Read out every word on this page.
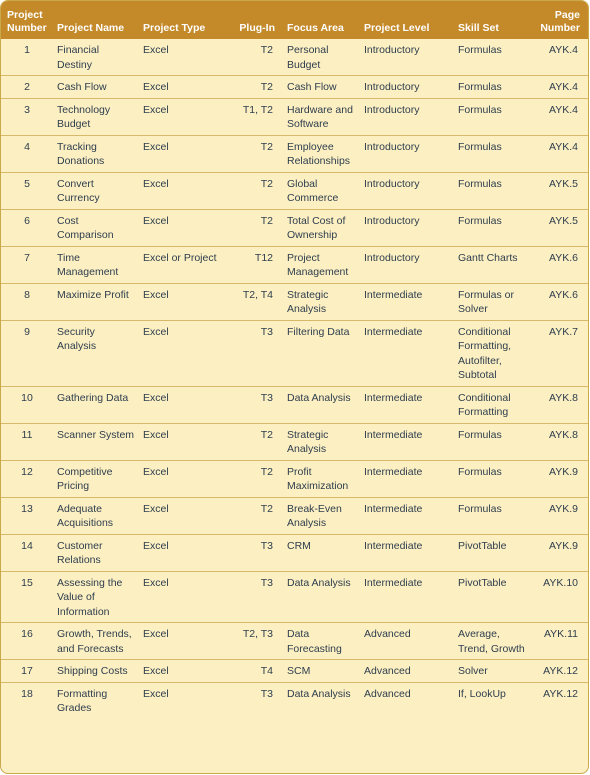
Project Number	Project Name	Project Type	Plug-In	Focus Area	Project Level	Skill Set	Page Number
1	Financial Destiny	Excel	T2	Personal Budget	Introductory	Formulas	AYK.4
2	Cash Flow	Excel	T2	Cash Flow	Introductory	Formulas	AYK.4
3	Technology Budget	Excel	T1, T2	Hardware and Software	Introductory	Formulas	AYK.4
4	Tracking Donations	Excel	T2	Employee Relationships	Introductory	Formulas	AYK.4
5	Convert Currency	Excel	T2	Global Commerce	Introductory	Formulas	AYK.5
6	Cost Comparison	Excel	T2	Total Cost of Ownership	Introductory	Formulas	AYK.5
7	Time Management	Excel or Project	T12	Project Management	Introductory	Gantt Charts	AYK.6
8	Maximize Profit	Excel	T2, T4	Strategic Analysis	Intermediate	Formulas or Solver	AYK.6
9	Security Analysis	Excel	T3	Filtering Data	Intermediate	Conditional Formatting, Autofilter, Subtotal	AYK.7
10	Gathering Data	Excel	T3	Data Analysis	Intermediate	Conditional Formatting	AYK.8
11	Scanner System	Excel	T2	Strategic Analysis	Intermediate	Formulas	AYK.8
12	Competitive Pricing	Excel	T2	Profit Maximization	Intermediate	Formulas	AYK.9
13	Adequate Acquisitions	Excel	T2	Break-Even Analysis	Intermediate	Formulas	AYK.9
14	Customer Relations	Excel	T3	CRM	Intermediate	PivotTable	AYK.9
15	Assessing the Value of Information	Excel	T3	Data Analysis	Intermediate	PivotTable	AYK.10
16	Growth, Trends, and Forecasts	Excel	T2, T3	Data Forecasting	Advanced	Average, Trend, Growth	AYK.11
17	Shipping Costs	Excel	T4	SCM	Advanced	Solver	AYK.12
18	Formatting Grades	Excel	T3	Data Analysis	Advanced	If, LookUp	AYK.12
